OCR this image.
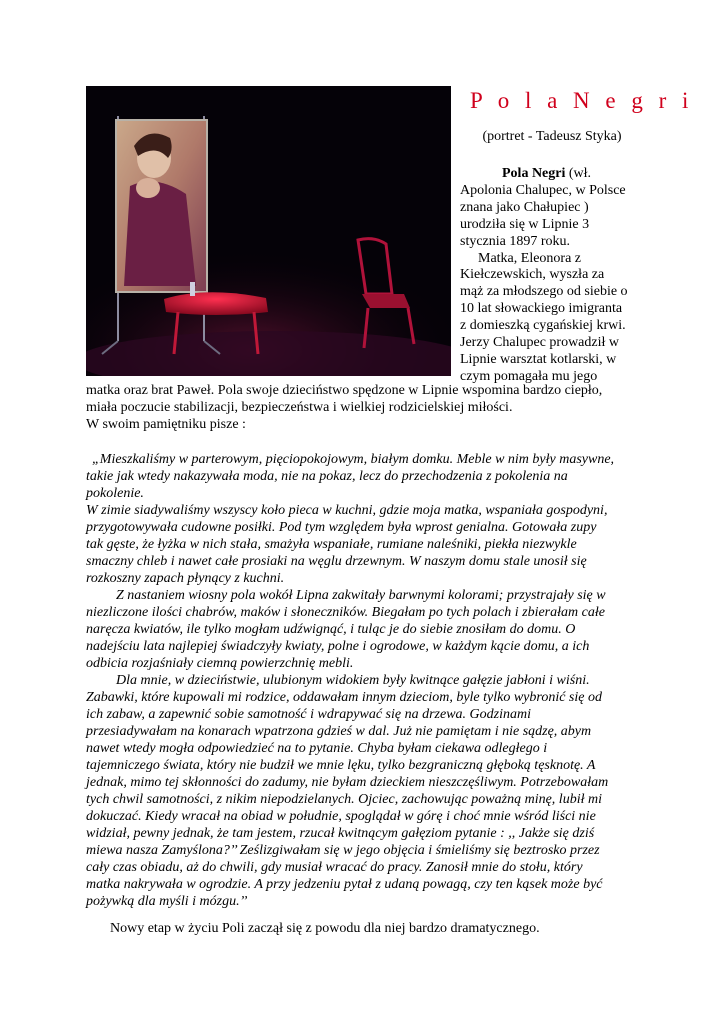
P o l a N e g r i
(portret - Tadeusz Styka)
Pola Negri (wł.
Apolonia Chalupec, w Polsce
znana jako Chałupiec )
urodziła się w Lipnie 3
stycznia 1897 roku.
Matka, Eleonora z
Kiełczewskich, wyszła za
mąż za młodszego od siebie o
10 lat słowackiego imigranta
z domieszką cygańskiej krwi.
Jerzy Chalupec prowadził w
Lipnie warsztat kotlarski, w
czym pomagała mu jego
matka oraz brat Paweł. Pola swoje dzieciństwo spędzone w Lipnie wspomina bardzo ciepło,
miała poczucie stabilizacji, bezpieczeństwa i wielkiej rodzicielskiej miłości.
W swoim pamiętniku pisze :
„Mieszkaliśmy w parterowym, pięciopokojowym, białym domku. Meble w nim były masywne,
takie jak wtedy nakazywała moda, nie na pokaz, lecz do przechodzenia z pokolenia na
pokolenie.
W zimie siadywaliśmy wszyscy koło pieca w kuchni, gdzie moja matka, wspaniała gospodyni,
przygotowywała cudowne posiłki. Pod tym względem była wprost genialna. Gotowała zupy
tak gęste, że łyżka w nich stała, smażyła wspaniałe, rumiane naleśniki, piekła niezwykle
smaczny chleb i nawet całe prosiaki na węglu drzewnym. W naszym domu stale unosił się
rozkoszny zapach płynący z kuchni.
Z nastaniem wiosny pola wokół Lipna zakwitały barwnymi kolorami; przystrajały się w
niezliczone ilości chabrów, maków i słoneczników. Biegałam po tych polach i zbierałam całe
naręcza kwiatów, ile tylko mogłam udźwignąć, i tuląc je do siebie znosiłam do domu. O
nadejściu lata najlepiej świadczyły kwiaty, polne i ogrodowe, w każdym kącie domu, a ich
odbicia rozjaśniały ciemną powierzchnię mebli.
Dla mnie, w dzieciństwie, ulubionym widokiem były kwitnące gałęzie jabłoni i wiśni.
Zabawki, które kupowali mi rodzice, oddawałam innym dzieciom, byle tylko wybronić się od
ich zabaw, a zapewnić sobie samotność i wdrapywać się na drzewa. Godzinami
przesiadywałam na konarach wpatrzona gdzieś w dal. Już nie pamiętam i nie sądzę, abym
nawet wtedy mogła odpowiedzieć na to pytanie. Chyba byłam ciekawa odległego i
tajemniczego świata, który nie budził we mnie lęku, tylko bezgraniczną głęboką tęsknotę. A
jednak, mimo tej skłonności do zadumy, nie byłam dzieckiem nieszczęśliwym. Potrzebowałam
tych chwil samotności, z nikim niepodzielanych. Ojciec, zachowując poważną minę, lubił mi
dokuczać. Kiedy wracał na obiad w południe, spoglądał w górę i choć mnie wśród liści nie
widział, pewny jednak, że tam jestem, rzucał kwitnącym gałęziom pytanie : ,, Jakże się dziś
miewa nasza Zamyślona?’’ Ześlizgiwałam się w jego objęcia i śmieliśmy się beztrosko przez
cały czas obiadu, aż do chwili, gdy musiał wracać do pracy. Zanosił mnie do stołu, który
matka nakrywała w ogrodzie. A przy jedzeniu pytał z udaną powagą, czy ten kąsek może być
pożywką dla myśli i mózgu.’’
Nowy etap w życiu Poli zaczął się z powodu dla niej bardzo dramatycznego.
